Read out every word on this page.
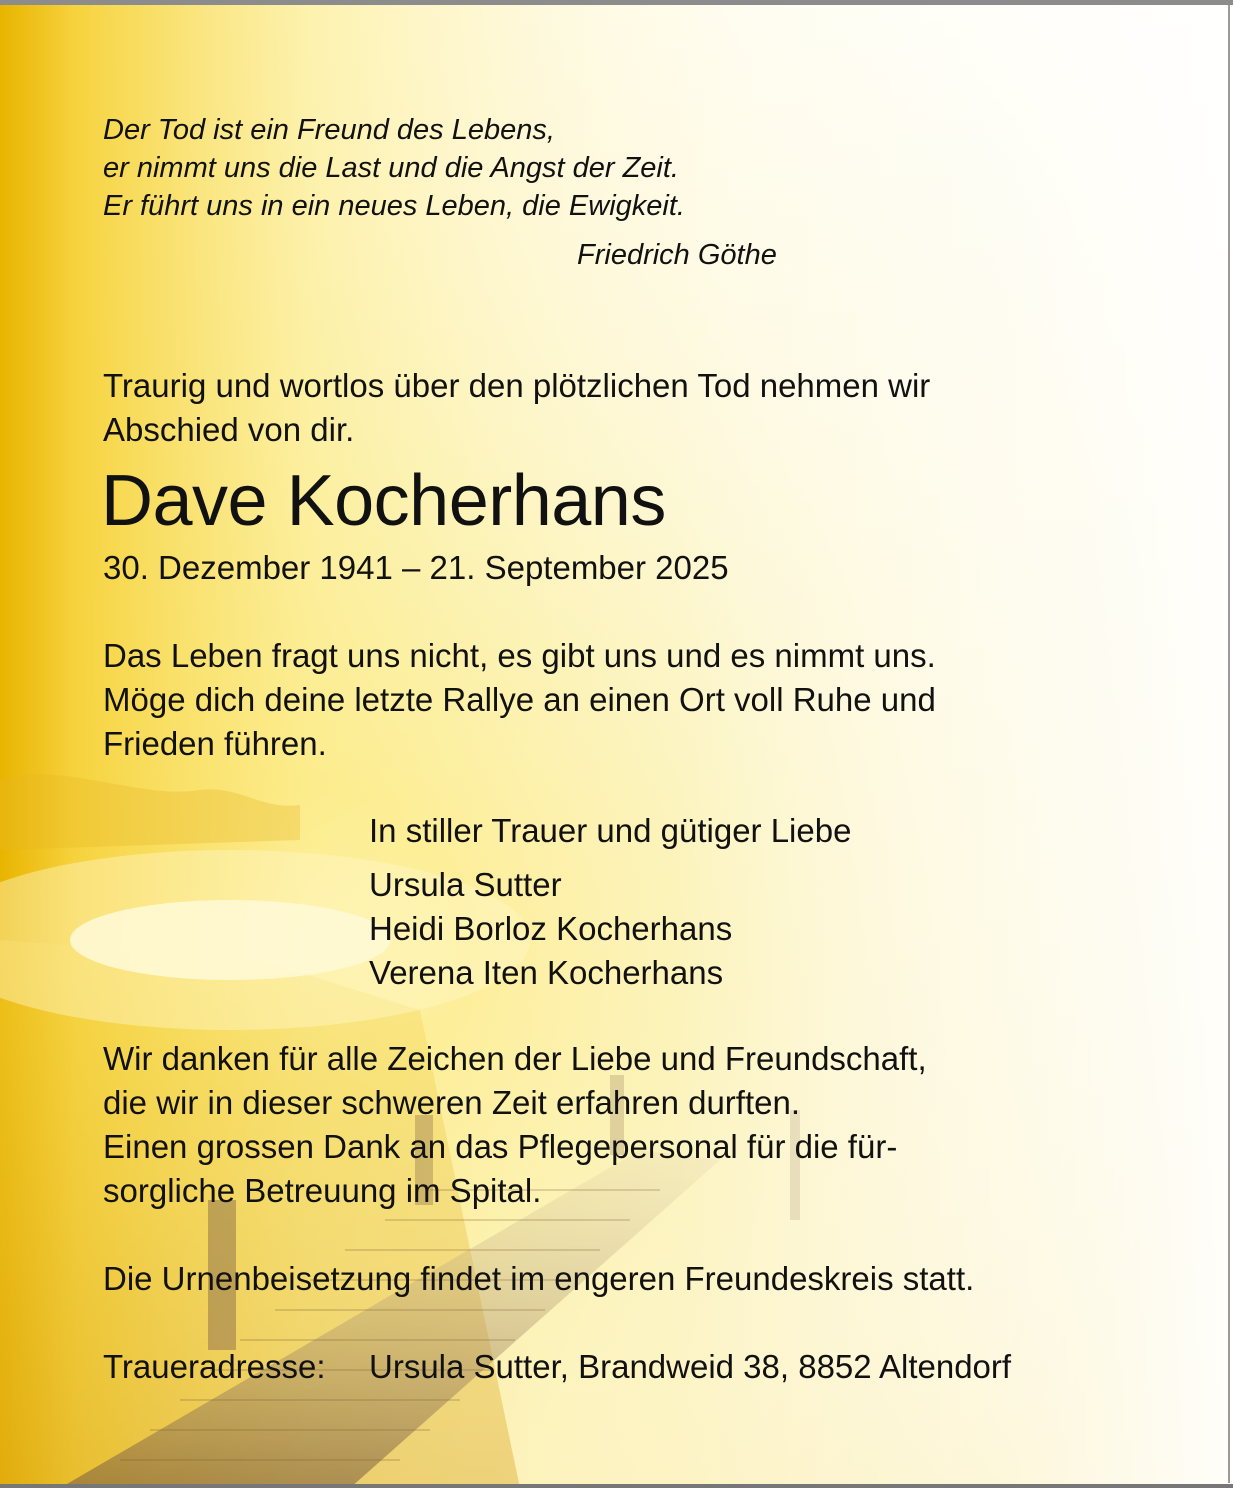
Der Tod ist ein Freund des Lebens,

er nimmt uns die Last und die Angst der Zeit.

Er führt uns in ein neues Leben, die Ewigkeit.

Friedrich Göthe

Traurig und wortlos über den plötzlichen Tod nehmen wir

Abschied von dir.

Dave Kocherhans

30. Dezember 1941 – 21. September 2025

Das Leben fragt uns nicht, es gibt uns und es nimmt uns.

Möge dich deine letzte Rallye an einen Ort voll Ruhe und

Frieden führen.

In stiller Trauer und gütiger Liebe

Ursula Sutter

Heidi Borloz Kocherhans

Verena Iten Kocherhans

Wir danken für alle Zeichen der Liebe und Freundschaft,

die wir in dieser schweren Zeit erfahren durften.

Einen grossen Dank an das Pflegepersonal für die für-

sorgliche Betreuung im Spital.

Die Urnenbeisetzung findet im engeren Freundeskreis statt.

Traueradresse: Ursula Sutter, Brandweid 38, 8852 Altendorf
